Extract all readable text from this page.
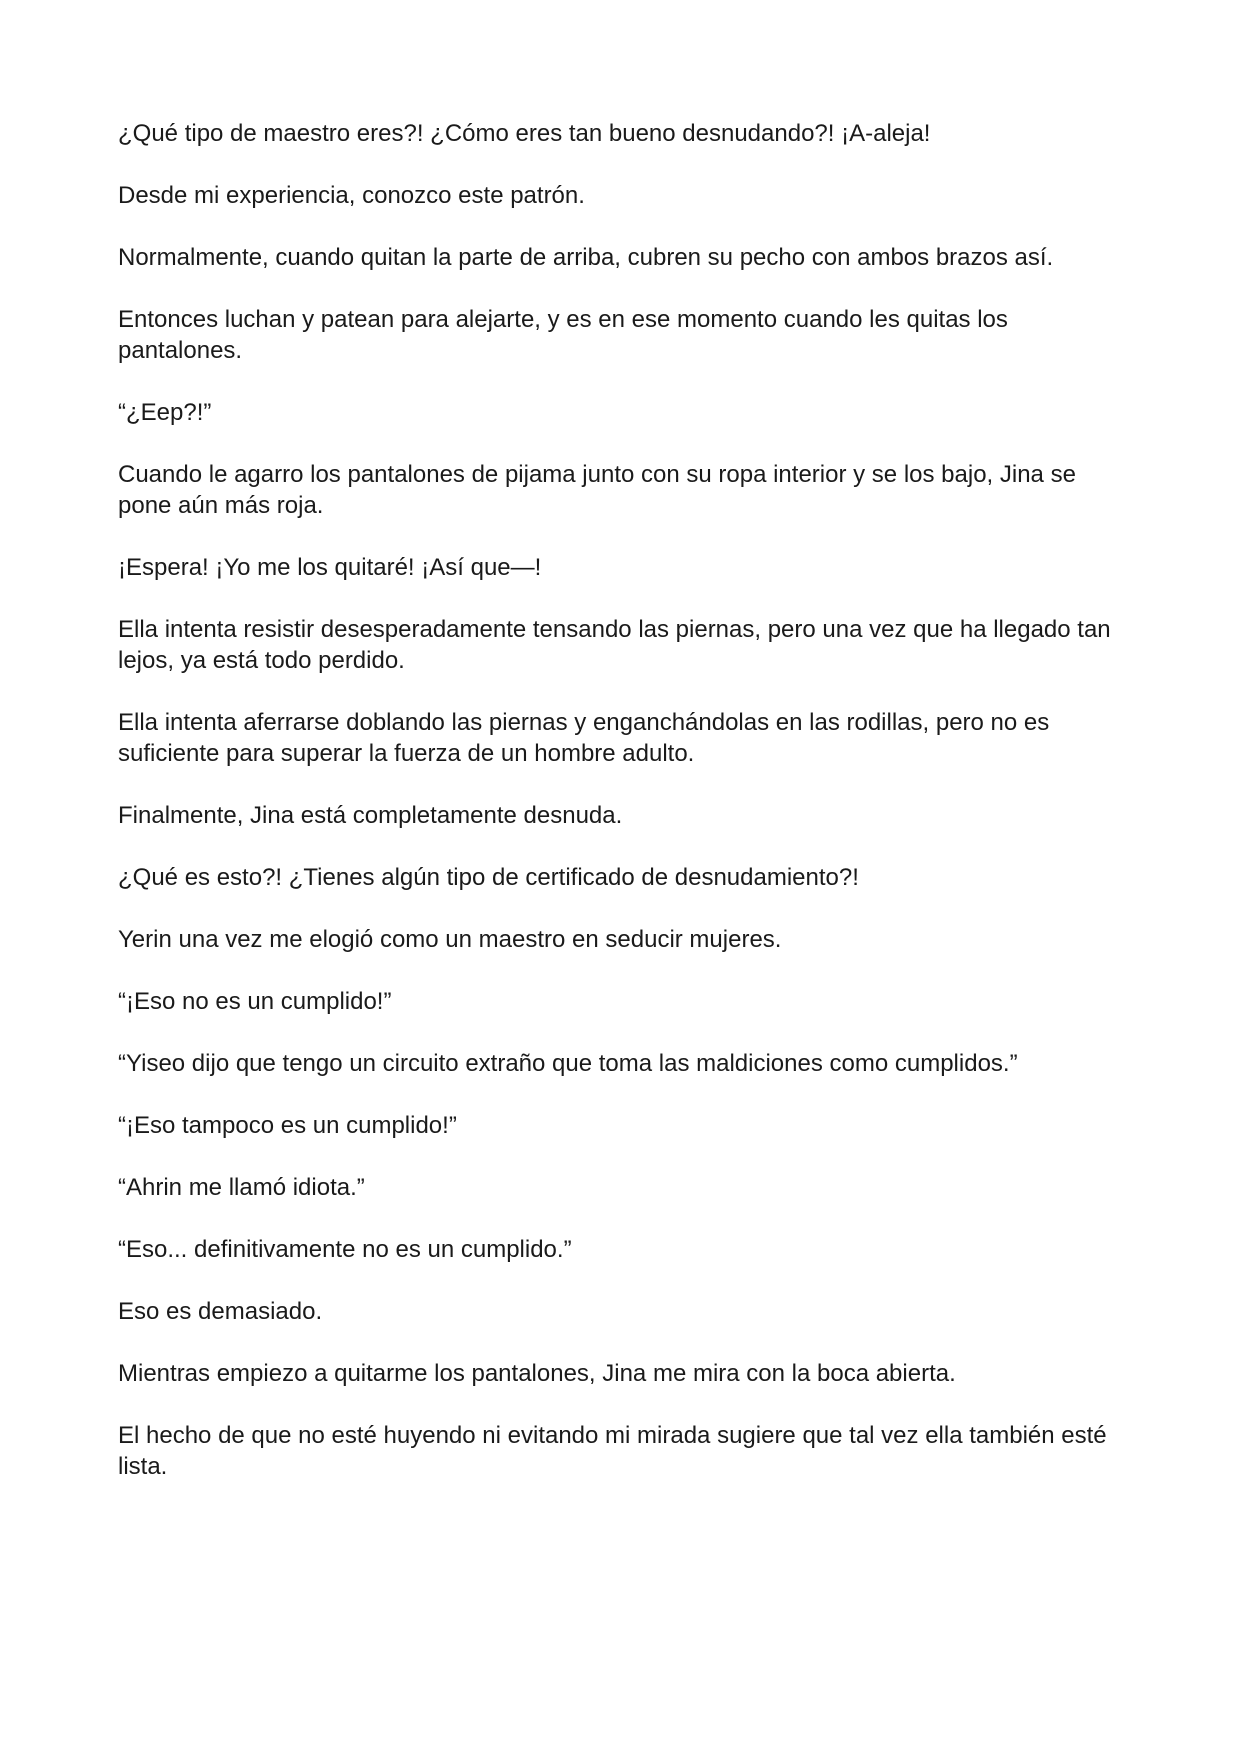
¿Qué tipo de maestro eres?! ¿Cómo eres tan bueno desnudando?! ¡A-aleja!

Desde mi experiencia, conozco este patrón.

Normalmente, cuando quitan la parte de arriba, cubren su pecho con ambos brazos así.

Entonces luchan y patean para alejarte, y es en ese momento cuando les quitas los pantalones.

“¿Eep?!”

Cuando le agarro los pantalones de pijama junto con su ropa interior y se los bajo, Jina se pone aún más roja.

¡Espera! ¡Yo me los quitaré! ¡Así que—!

Ella intenta resistir desesperadamente tensando las piernas, pero una vez que ha llegado tan lejos, ya está todo perdido.

Ella intenta aferrarse doblando las piernas y enganchándolas en las rodillas, pero no es suficiente para superar la fuerza de un hombre adulto.

Finalmente, Jina está completamente desnuda.

¿Qué es esto?! ¿Tienes algún tipo de certificado de desnudamiento?!

Yerin una vez me elogió como un maestro en seducir mujeres.

“¡Eso no es un cumplido!”

“Yiseo dijo que tengo un circuito extraño que toma las maldiciones como cumplidos.”

“¡Eso tampoco es un cumplido!”

“Ahrin me llamó idiota.”

“Eso... definitivamente no es un cumplido.”

Eso es demasiado.

Mientras empiezo a quitarme los pantalones, Jina me mira con la boca abierta.

El hecho de que no esté huyendo ni evitando mi mirada sugiere que tal vez ella también esté lista.
